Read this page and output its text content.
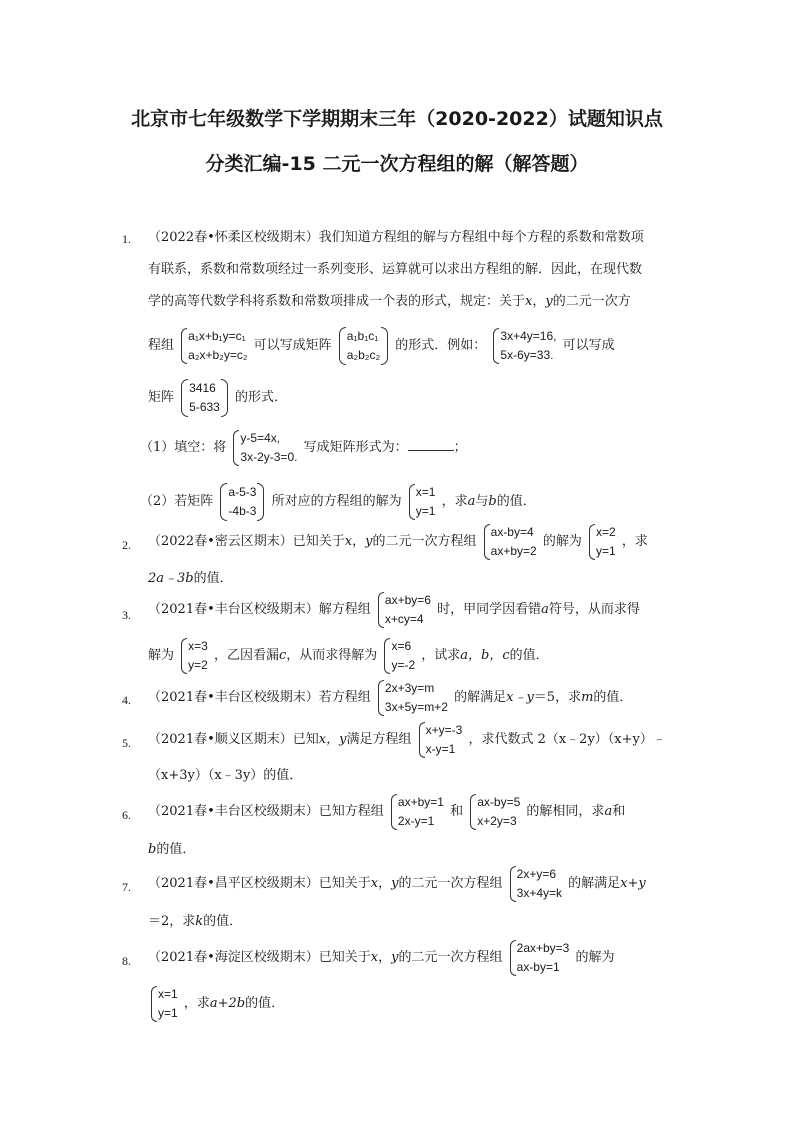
北京市七年级数学下学期期末三年（2020-2022）试题知识点
分类汇编-15 二元一次方程组的解（解答题）
1. （2022春•怀柔区校级期末）我们知道方程组的解与方程组中每个方程的系数和常数项
有联系，系数和常数项经过一系列变形、运算就可以求出方程组的解．因此，在现代数
学的高等代数学科将系数和常数项排成一个表的形式，规定：关于x，y的二元一次方
程组
a₁x+b₁y=c₁
a₂x+b₂y=c₂
可以写成矩阵
a₁b₁c₁
a₂b₂c₂
的形式．例如：
3x+4y=16,
5x-6y=33.
可以写成
矩阵
3416
5-633
的形式．
（1）填空：将
y-5=4x,
3x-2y-3=0.
写成矩阵形式为：	；
（2）若矩阵
a-5-3
-4b-3
所对应的方程组的解为
x=1
y=1
，求a与b的值．
2. （2022春•密云区期末）已知关于x，y的二元一次方程组
ax-by=4
ax+by=2
的解为
x=2
y=1
，求
2a﹣3b的值．
3. （2021春•丰台区校级期末）解方程组
ax+by=6
x+cy=4
时，甲同学因看错a符号，从而求得
解为
x=3
y=2
，乙因看漏c，从而求得解为
x=6
y=-2
，试求a，b，c的值．
4. （2021春•丰台区校级期末）若方程组
2x+3y=m
3x+5y=m+2
的解满足x﹣y＝5，求m的值．
5. （2021春•顺义区期末）已知x，y满足方程组
x+y=-3
x-y=1
，求代数式 2（x﹣2y）（x+y）﹣
（x+3y）（x﹣3y）的值．
6. （2021春•丰台区校级期末）已知方程组
ax+by=1
2x-y=1
和
ax-by=5
x+2y=3
的解相同，求a和
b的值．
7. （2021春•昌平区校级期末）已知关于x，y的二元一次方程组
2x+y=6
3x+4y=k
的解满足x+y
＝2，求k的值．
8. （2021春•海淀区校级期末）已知关于x，y的二元一次方程组
2ax+by=3
ax-by=1
的解为
x=1
y=1
，求a+2b的值．
